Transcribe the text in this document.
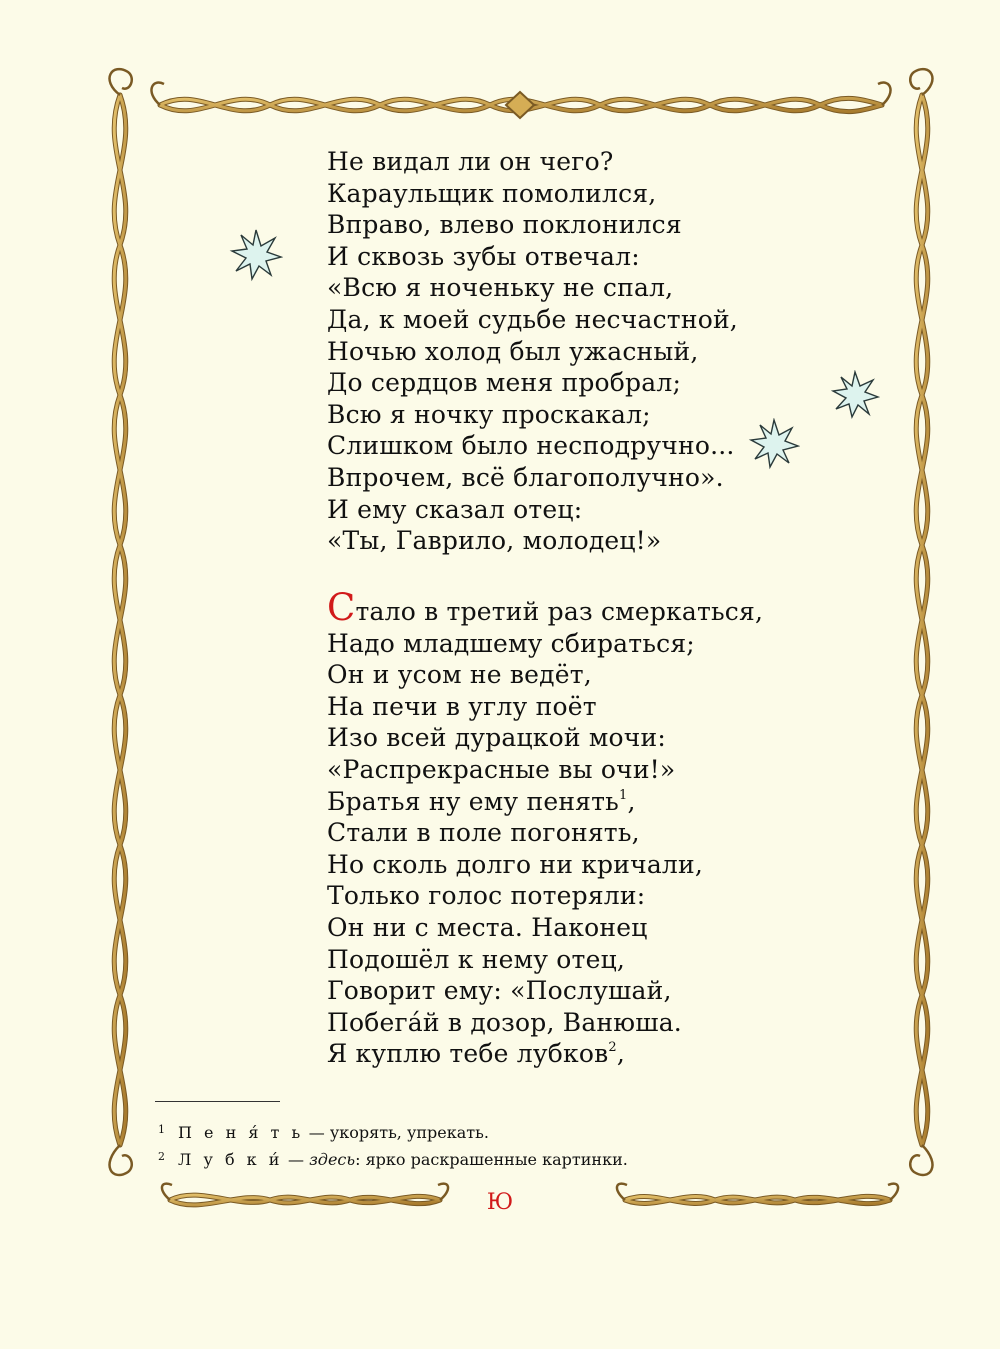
Не видал ли он чего?
Караульщик помолился,
Вправо, влево поклонился
И сквозь зубы отвечал:
«Всю я ноченьку не спал,
Да, к моей судьбе несчастной,
Ночью холод был ужасный,
До сердцов меня пробрал;
Всю я ночку проскакал;
Слишком было неcподручно...
Впрочем, всё благополучно».
И ему сказал отец:
«Ты, Гаврило, молодец!»
Стало в третий раз смеркаться,
Надо младшему сбираться;
Он и усом не ведёт,
На печи в углу поёт
Изо всей дурацкой мочи:
«Распрекрасные вы очи!»
Братья ну ему пенять$^1$,
Стали в поле погонять,
Но сколь долго ни кричали,
Только голос потеряли:
Он ни с места. Наконец
Подошёл к нему отец,
Говорит ему: «Послушай,
Побега́й в дозор, Ванюша.
Я куплю тебе лубков$^2$,
1 П е н я́ т ь — укорять, упрекать.
2 Л у б к и́ — здесь: ярко раскрашенные картинки.
Ю
